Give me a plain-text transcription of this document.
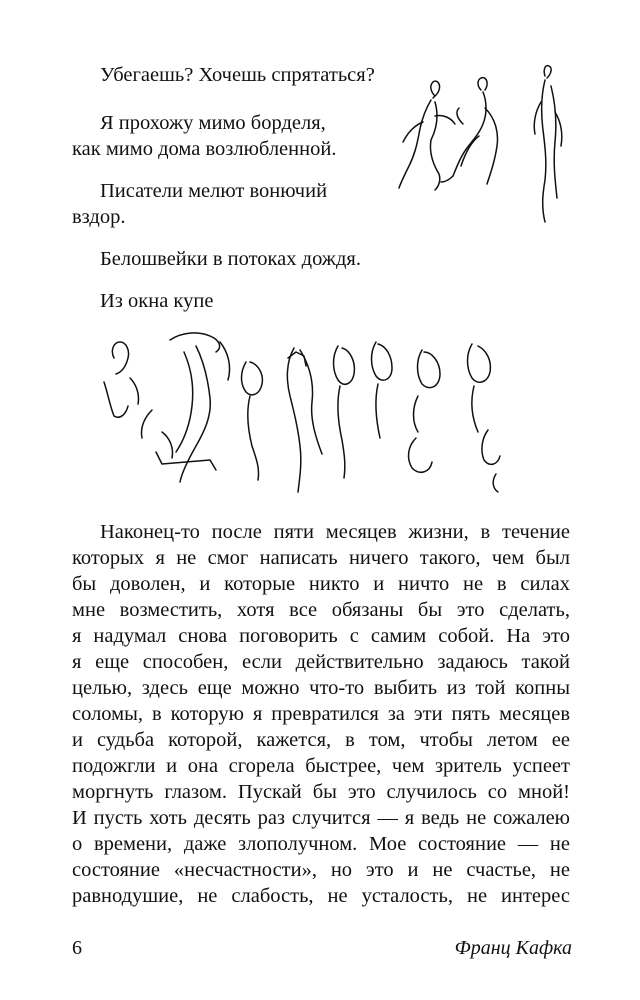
Убегаешь? Хочешь спрятаться?
Я прохожу мимо борделя,
как мимо дома возлюбленной.
Писатели мелют вонючий
вздор.
Белошвейки в потоках дождя.
Из окна купе
Наконец-то после пяти месяцев жизни, в течение
которых я не смог написать ничего такого, чем был
бы доволен, и которые никто и ничто не в силах
мне возместить, хотя все обязаны бы это сделать,
я надумал снова поговорить с самим собой. На это
я еще способен, если действительно задаюсь такой
целью, здесь еще можно что-то выбить из той копны
соломы, в которую я превратился за эти пять месяцев
и судьба которой, кажется, в том, чтобы летом ее
подожгли и она сгорела быстрее, чем зритель успеет
моргнуть глазом. Пускай бы это случилось со мной!
И пусть хоть десять раз случится — я ведь не сожалею
о времени, даже злополучном. Мое состояние — не
состояние «несчастности», но это и не счастье, не
равнодушие, не слабость, не усталость, не интерес
6	Франц Кафка
